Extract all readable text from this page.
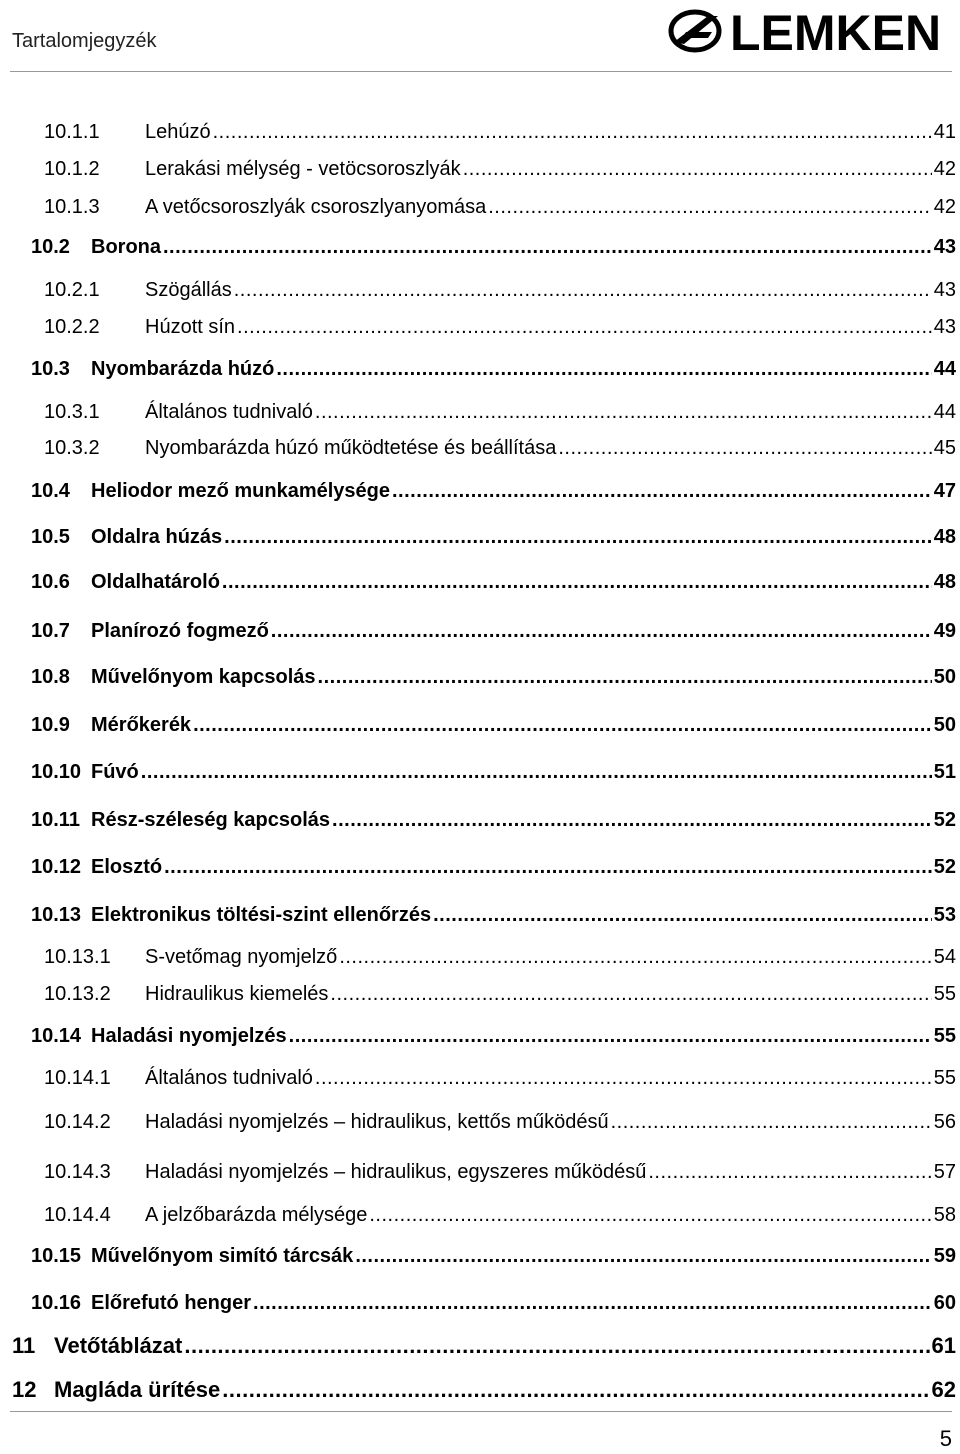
Tartalomjegyzék	LEMKEN
10.1.1	Lehúzó .....	41
10.1.2	Lerakási mélység - vetöcsoroszlyák .....	42
10.1.3	A vetőcsoroszlyák csoroszlyanyomása .....	42
10.2	Borona .....	43
10.2.1	Szögállás .....	43
10.2.2	Húzott sín .....	43
10.3	Nyombarázda húzó .....	44
10.3.1	Általános tudnivaló .....	44
10.3.2	Nyombarázda húzó működtetése és beállítása .....	45
10.4	Heliodor mező munkamélysége .....	47
10.5	Oldalra húzás .....	48
10.6	Oldalhatároló .....	48
10.7	Planírozó fogmező .....	49
10.8	Művelőnyom kapcsolás .....	50
10.9	Mérőkerék .....	50
10.10 Fúvó .....	51
10.11 Rész-széleség kapcsolás .....	52
10.12 Elosztó .....	52
10.13 Elektronikus töltési-szint ellenőrzés .....	53
10.13.1	S-vetőmag nyomjelző .....	54
10.13.2	Hidraulikus kiemelés .....	55
10.14 Haladási nyomjelzés .....	55
10.14.1	Általános tudnivaló .....	55
10.14.2	Haladási nyomjelzés – hidraulikus, kettős működésű .....	56
10.14.3	Haladási nyomjelzés – hidraulikus, egyszeres működésű .....	57
10.14.4	A jelzőbarázda mélysége .....	58
10.15 Művelőnyom simító tárcsák .....	59
10.16 Előrefutó henger .....	60
11 Vetőtáblázat .....	61
12 Magláda ürítése .....	62
5
